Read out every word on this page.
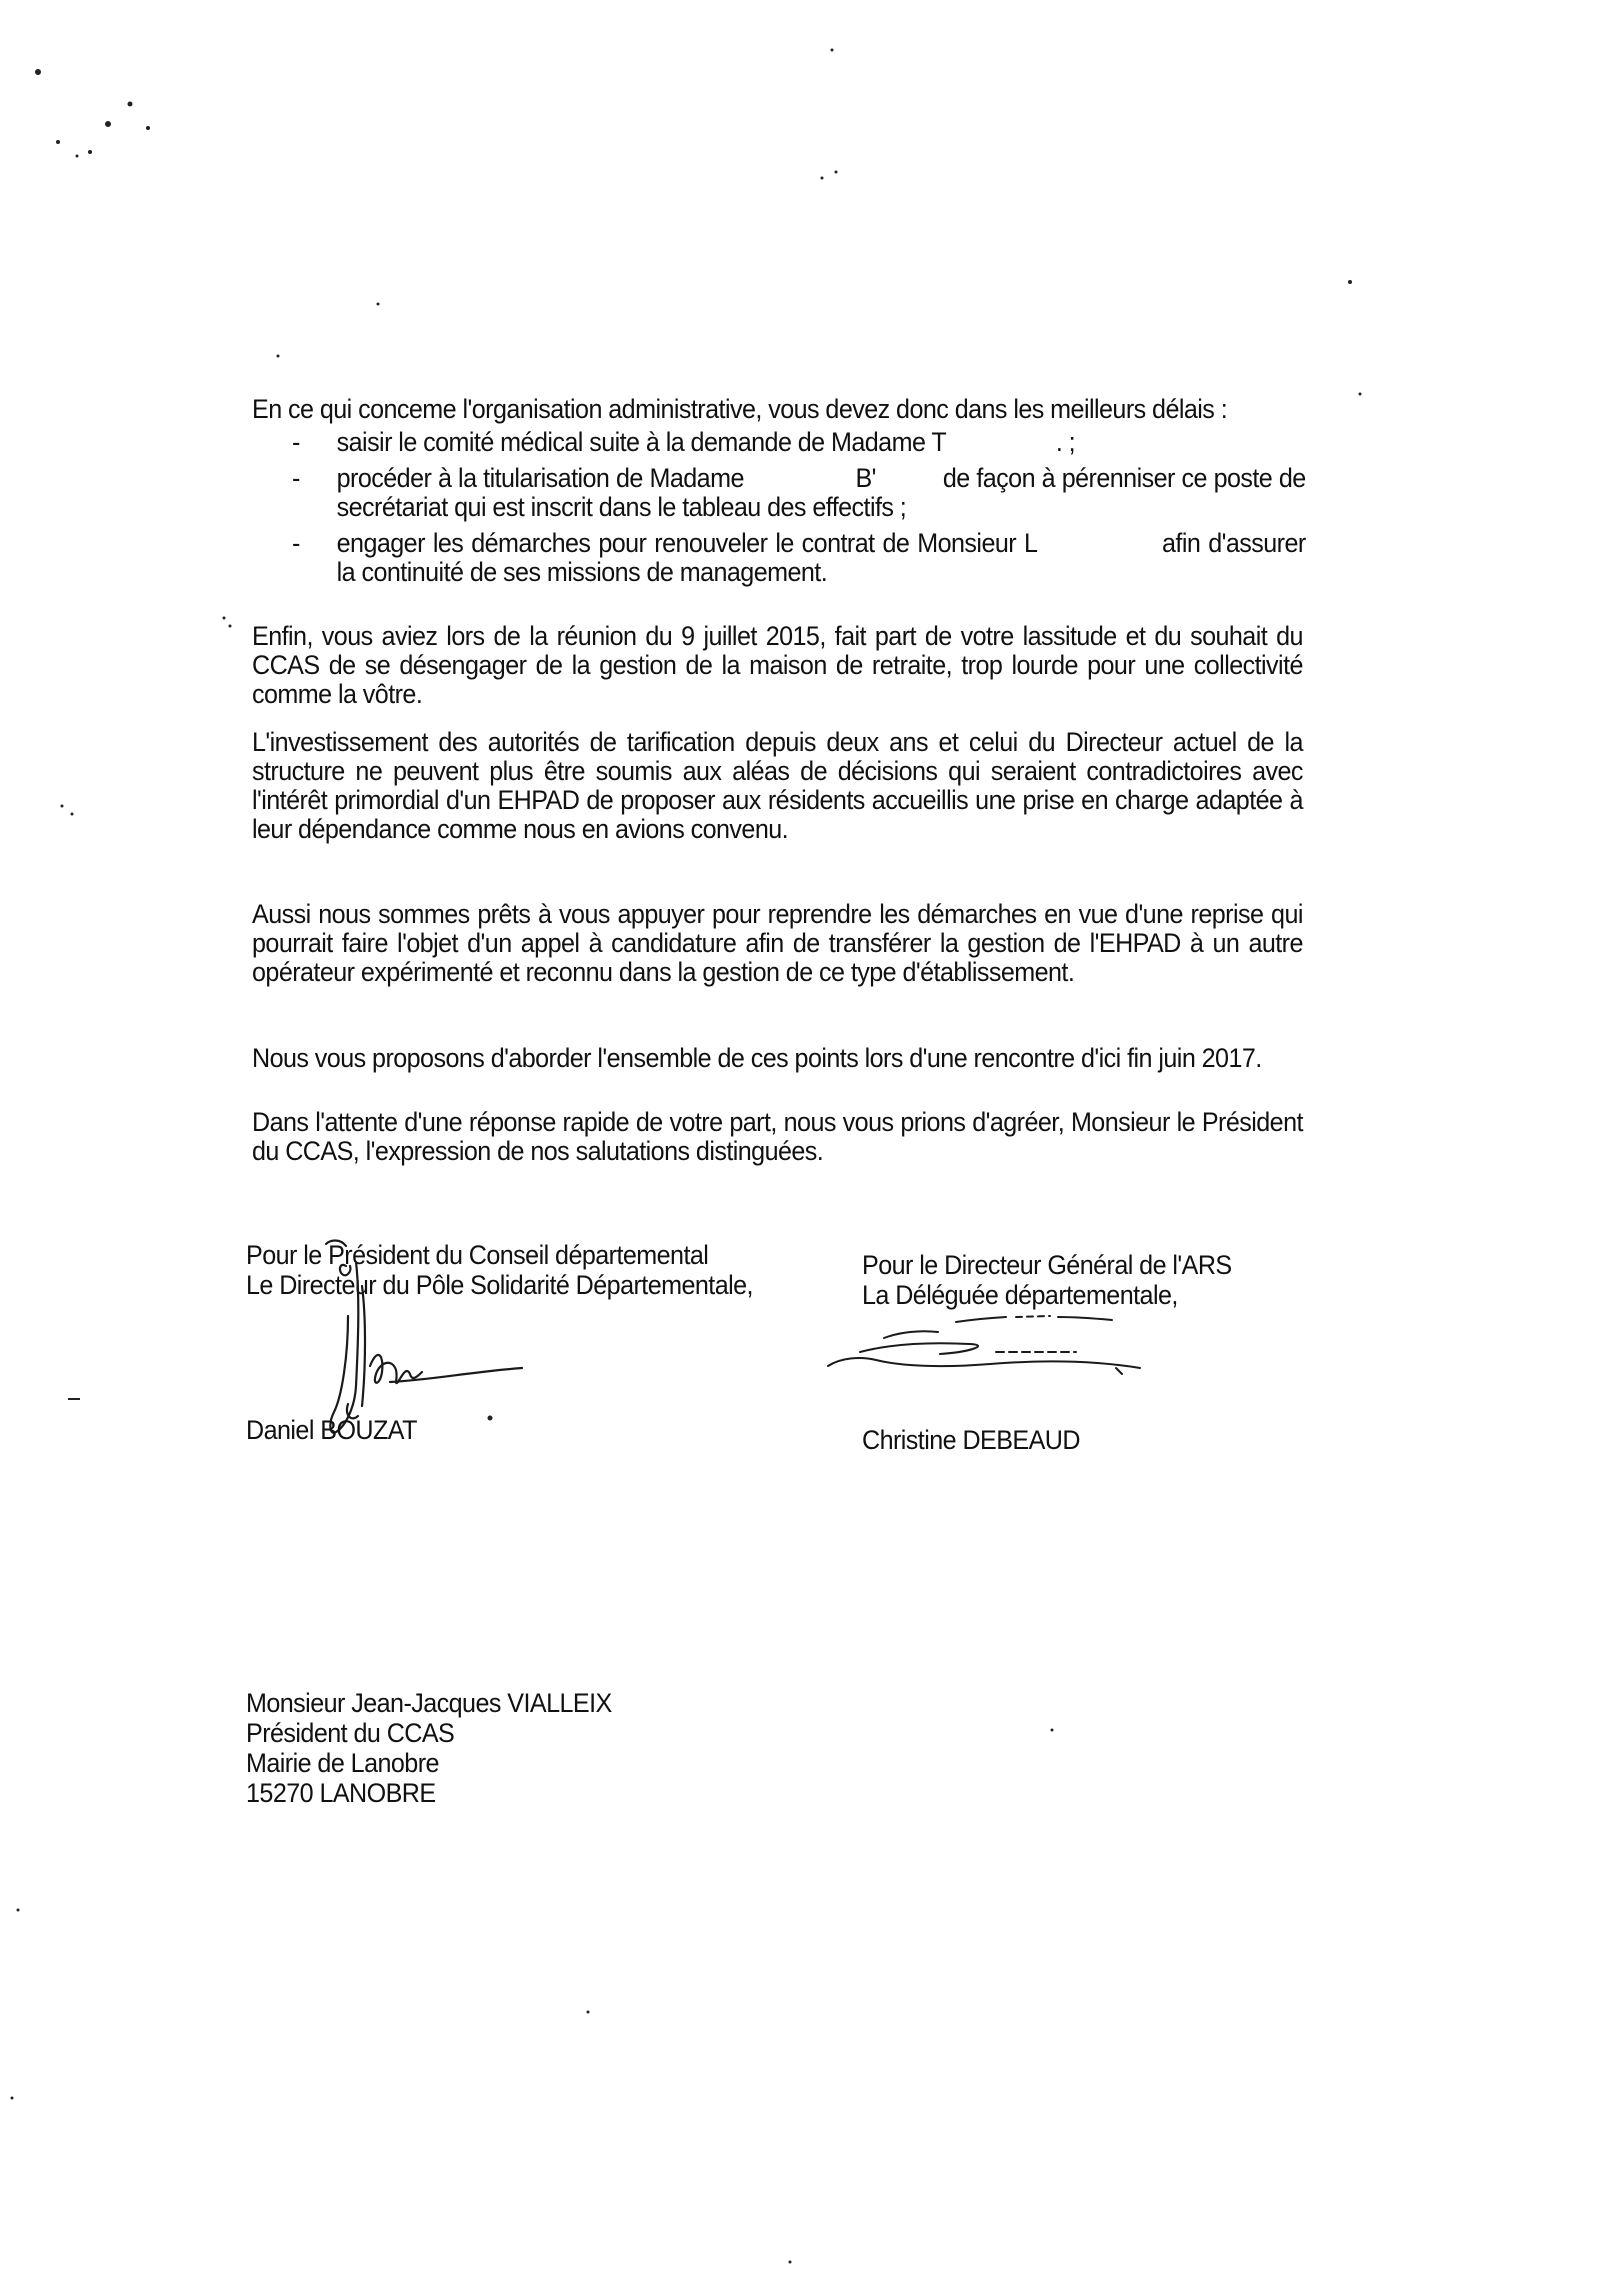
En ce qui conceme l'organisation administrative, vous devez donc dans les meilleurs délais :

- saisir le comité médical suite à la demande de Madame T	. ;
- procéder à la titularisation de Madame	B' de façon à pérenniser ce poste de secrétariat qui est inscrit dans le tableau des effectifs ;
- engager les démarches pour renouveler le contrat de Monsieur L	afin d'assurer la continuité de ses missions de management.

Enfin, vous aviez lors de la réunion du 9 juillet 2015, fait part de votre lassitude et du souhait du CCAS de se désengager de la gestion de la maison de retraite, trop lourde pour une collectivité comme la vôtre.

L'investissement des autorités de tarification depuis deux ans et celui du Directeur actuel de la structure ne peuvent plus être soumis aux aléas de décisions qui seraient contradictoires avec l'intérêt primordial d'un EHPAD de proposer aux résidents accueillis une prise en charge adaptée à leur dépendance comme nous en avions convenu.

Aussi nous sommes prêts à vous appuyer pour reprendre les démarches en vue d'une reprise qui pourrait faire l'objet d'un appel à candidature afin de transférer la gestion de l'EHPAD à un autre opérateur expérimenté et reconnu dans la gestion de ce type d'établissement.

Nous vous proposons d'aborder l'ensemble de ces points lors d'une rencontre d'ici fin juin 2017.

Dans l'attente d'une réponse rapide de votre part, nous vous prions d'agréer, Monsieur le Président du CCAS, l'expression de nos salutations distinguées.

Pour le Président du Conseil départemental
Le Directeur du Pôle Solidarité Départementale,
Pour le Directeur Général de l'ARS
La Déléguée départementale,
Daniel BOUZAT	Christine DEBEAUD
Monsieur Jean-Jacques VIALLEIX
Président du CCAS
Mairie de Lanobre
15270 LANOBRE
